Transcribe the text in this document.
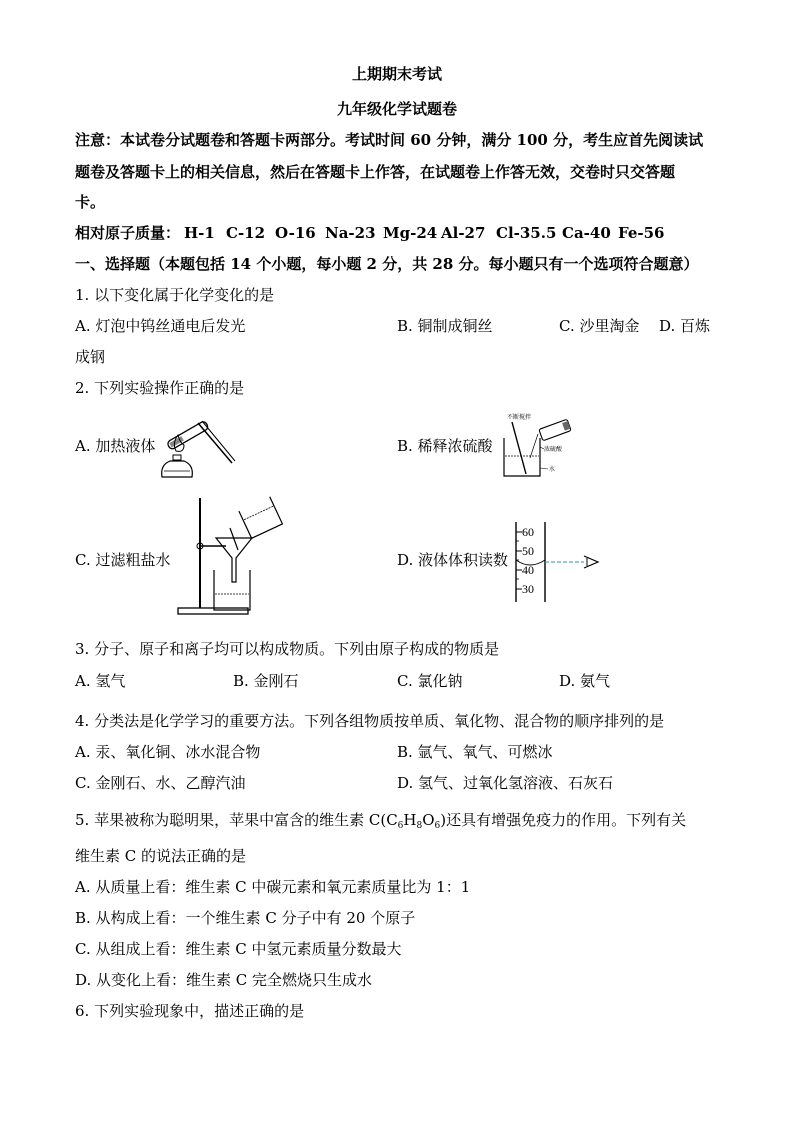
上期期末考试
九年级化学试题卷
注意：本试卷分试题卷和答题卡两部分。考试时间 60 分钟，满分 100 分，考生应首先阅读试
题卷及答题卡上的相关信息，然后在答题卡上作答，在试题卷上作答无效，交卷时只交答题
卡。
相对原子质量： H-1 C-12 O-16 Na-23 Mg-24 Al-27 Cl-35.5 Ca-40 Fe-56
一、选择题（本题包括 14 个小题，每小题 2 分，共 28 分。每小题只有一个选项符合题意）
1. 以下变化属于化学变化的是
A. 灯泡中钨丝通电后发光	B. 铜制成铜丝	C. 沙里淘金 D. 百炼
成钢
2. 下列实验操作正确的是
A. 加热液体	B. 稀释浓硫酸
C. 过滤粗盐水	D. 液体体积读数
不断搅拌
浓硫酸
水
60
50
40
30
3. 分子、原子和离子均可以构成物质。下列由原子构成的物质是
A. 氢气	B. 金刚石	C. 氯化钠	D. 氨气
4. 分类法是化学学习的重要方法。下列各组物质按单质、氧化物、混合物的顺序排列的是
A. 汞、氧化铜、冰水混合物	B. 氩气、氧气、可燃冰
C. 金刚石、水、乙醇汽油	D. 氢气、过氧化氢溶液、石灰石
5. 苹果被称为聪明果，苹果中富含的维生素 $C(C_6H_8O_6)$还具有增强免疫力的作用。下列有关
维生素 C 的说法正确的是
A. 从质量上看：维生素 C 中碳元素和氧元素质量比为 1：1
B. 从构成上看：一个维生素 C 分子中有 20 个原子
C. 从组成上看：维生素 C 中氢元素质量分数最大
D. 从变化上看：维生素 C 完全燃烧只生成水
6. 下列实验现象中，描述正确的是
